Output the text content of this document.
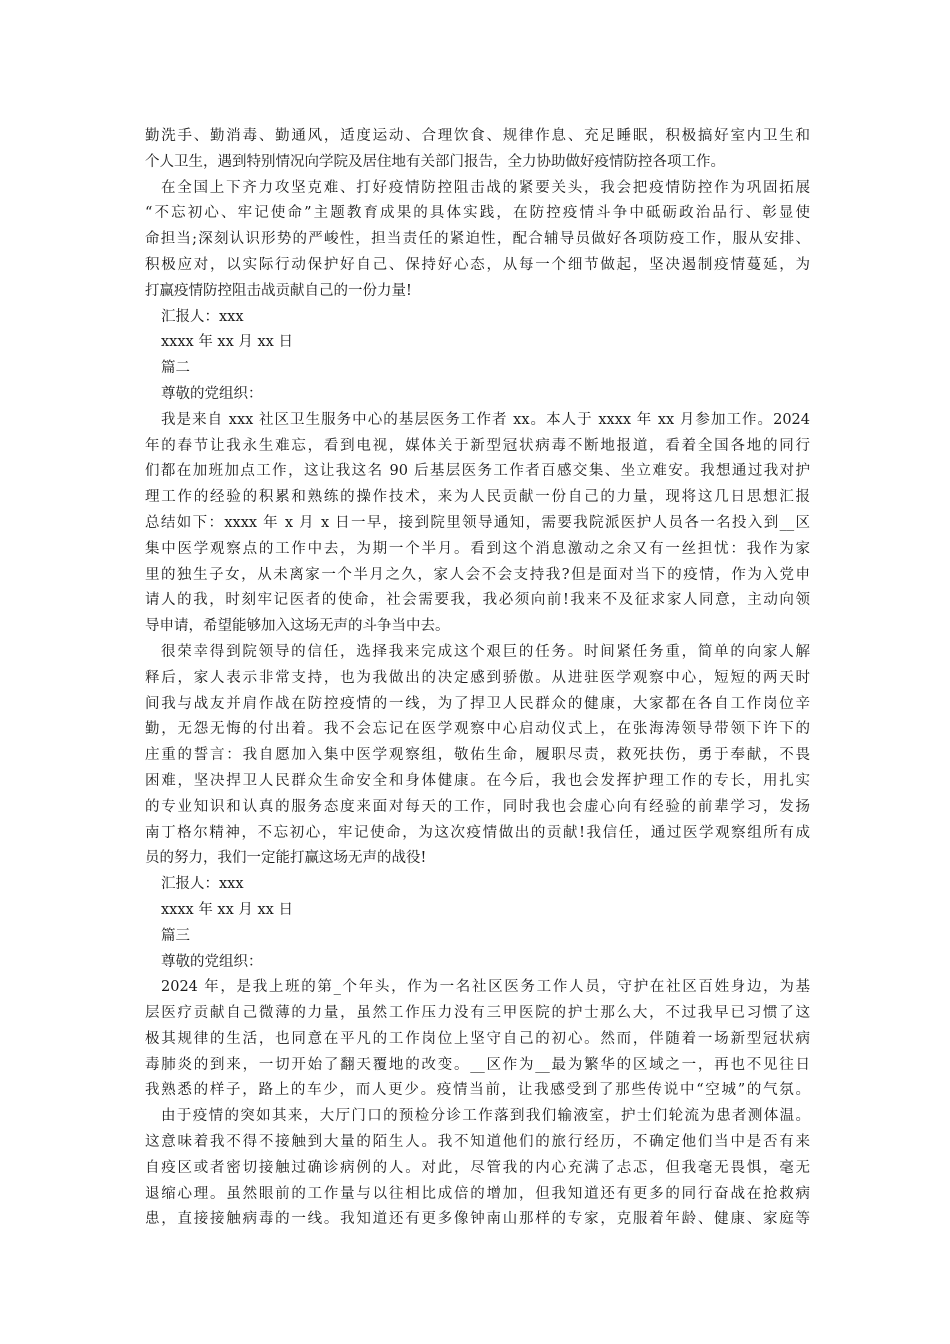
勤洗手、勤消毒、勤通风，适度运动、合理饮食、规律作息、充足睡眠，积极搞好室内卫生和
个人卫生，遇到特别情况向学院及居住地有关部门报告，全力协助做好疫情防控各项工作。
在全国上下齐力攻坚克难、打好疫情防控阻击战的紧要关头，我会把疫情防控作为巩固拓展
“不忘初心、牢记使命”主题教育成果的具体实践，在防控疫情斗争中砥砺政治品行、彰显使
命担当;深刻认识形势的严峻性，担当责任的紧迫性，配合辅导员做好各项防疫工作，服从安排、
积极应对，以实际行动保护好自己、保持好心态，从每一个细节做起，坚决遏制疫情蔓延，为
打赢疫情防控阻击战贡献自己的一份力量!
汇报人：xxx
xxxx 年 xx 月 xx 日
篇二
尊敬的党组织：
我是来自 xxx 社区卫生服务中心的基层医务工作者 xx。本人于 xxxx 年 xx 月参加工作。2024
年的春节让我永生难忘，看到电视，媒体关于新型冠状病毒不断地报道，看着全国各地的同行
们都在加班加点工作，这让我这名 90 后基层医务工作者百感交集、坐立难安。我想通过我对护
理工作的经验的积累和熟练的操作技术，来为人民贡献一份自己的力量，现将这几日思想汇报
总结如下：xxxx 年 x 月 x 日一早，接到院里领导通知，需要我院派医护人员各一名投入到__区
集中医学观察点的工作中去，为期一个半月。看到这个消息激动之余又有一丝担忧：我作为家
里的独生子女，从未离家一个半月之久，家人会不会支持我?但是面对当下的疫情，作为入党申
请人的我，时刻牢记医者的使命，社会需要我，我必须向前!我来不及征求家人同意，主动向领
导申请，希望能够加入这场无声的斗争当中去。
很荣幸得到院领导的信任，选择我来完成这个艰巨的任务。时间紧任务重，简单的向家人解
释后，家人表示非常支持，也为我做出的决定感到骄傲。从进驻医学观察中心，短短的两天时
间我与战友并肩作战在防控疫情的一线，为了捍卫人民群众的健康，大家都在各自工作岗位辛
勤，无怨无悔的付出着。我不会忘记在医学观察中心启动仪式上，在张海涛领导带领下许下的
庄重的誓言：我自愿加入集中医学观察组，敬佑生命，履职尽责，救死扶伤，勇于奉献，不畏
困难，坚决捍卫人民群众生命安全和身体健康。在今后，我也会发挥护理工作的专长，用扎实
的专业知识和认真的服务态度来面对每天的工作，同时我也会虚心向有经验的前辈学习，发扬
南丁格尔精神，不忘初心，牢记使命，为这次疫情做出的贡献!我信任，通过医学观察组所有成
员的努力，我们一定能打赢这场无声的战役!
汇报人：xxx
xxxx 年 xx 月 xx 日
篇三
尊敬的党组织：
2024 年，是我上班的第_个年头，作为一名社区医务工作人员，守护在社区百姓身边，为基
层医疗贡献自己微薄的力量，虽然工作压力没有三甲医院的护士那么大，不过我早已习惯了这
极其规律的生活，也同意在平凡的工作岗位上坚守自己的初心。然而，伴随着一场新型冠状病
毒肺炎的到来，一切开始了翻天覆地的改变。__区作为__最为繁华的区域之一，再也不见往日
我熟悉的样子，路上的车少，而人更少。疫情当前，让我感受到了那些传说中“空城”的气氛。
由于疫情的突如其来，大厅门口的预检分诊工作落到我们输液室，护士们轮流为患者测体温。
这意味着我不得不接触到大量的陌生人。我不知道他们的旅行经历，不确定他们当中是否有来
自疫区或者密切接触过确诊病例的人。对此，尽管我的内心充满了忐忑，但我毫无畏惧，毫无
退缩心理。虽然眼前的工作量与以往相比成倍的增加，但我知道还有更多的同行奋战在抢救病
患，直接接触病毒的一线。我知道还有更多像钟南山那样的专家，克服着年龄、健康、家庭等
